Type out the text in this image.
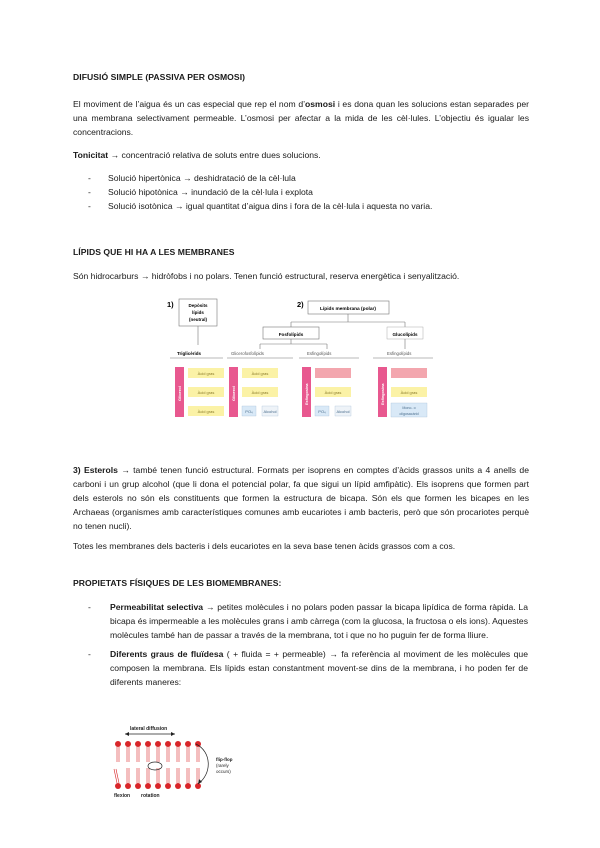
DIFUSIÓ SIMPLE (PASSIVA PER OSMOSI)

El moviment de l’aigua és un cas especial que rep el nom d’osmosi i es dona quan les solucions estan separades per una membrana selectivament permeable. L’osmosi per afectar a la mida de les cèl·lules. L’objectiu és igualar les concentracions.

Tonicitat → concentració relativa de soluts entre dues solucions.

- Solució hipertònica → deshidratació de la cèl·lula
- Solució hipotònica → inundació de la cèl·lula i explota
- Solució isotònica → igual quantitat d’aigua dins i fora de la cèl·lula i aquesta no varia.

LÍPIDS QUE HI HA A LES MEMBRANES

Són hidrocarburs → hidròfobs i no polars. Tenen funció estructural, reserva energètica i senyalització.

1)	2)
Depòsits
lípids
(neutral)
Lípids membrana (polar)
Fosfolípids	Glucolípids
Triglicèrids	Glicerofosfolípids	Esfingolípids	Esfingolípids
Glicerol
Àcid gras
Àcid gras
Àcid gras
Glicerol
Àcid gras
Àcid gras
PO₄	Alcohol
Esfingosina	Àcid gras
PO₄	Alcohol
Esfingosina	Àcid gras
Mono- o
oligosacàrid

3) Esterols → també tenen funció estructural. Formats per isoprens en comptes d’àcids grassos units a 4 anells de carboni i un grup alcohol (que li dona el potencial polar, fa que sigui un lípid amfipàtic). Els isoprens que formen part dels esterols no són els constituents que formen la estructura de bicapa. Són els que formen les bicapes en les Archaeas (organismes amb característiques comunes amb eucariotes i amb bacteris, però que són procariotes perquè no tenen nucli).

Totes les membranes dels bacteris i dels eucariotes en la seva base tenen àcids grassos com a cos.

PROPIETATS FÍSIQUES DE LES BIOMEMBRANES:

- Permeabilitat selectiva → petites molècules i no polars poden passar la bicapa lipídica de forma ràpida. La bicapa és impermeable a les molècules grans i amb càrrega (com la glucosa, la fructosa o els ions). Aquestes molècules també han de passar a través de la membrana, tot i que no ho puguin fer de forma lliure.
- Diferents graus de fluïdesa ( + fluida = + permeable) → fa referència al moviment de les molècules que composen la membrana. Els lípids estan constantment movent-se dins de la membrana, i ho poden fer de diferents maneres:
lateral diffusion
flip-flop
(rarely
occurs)
flexion rotation
